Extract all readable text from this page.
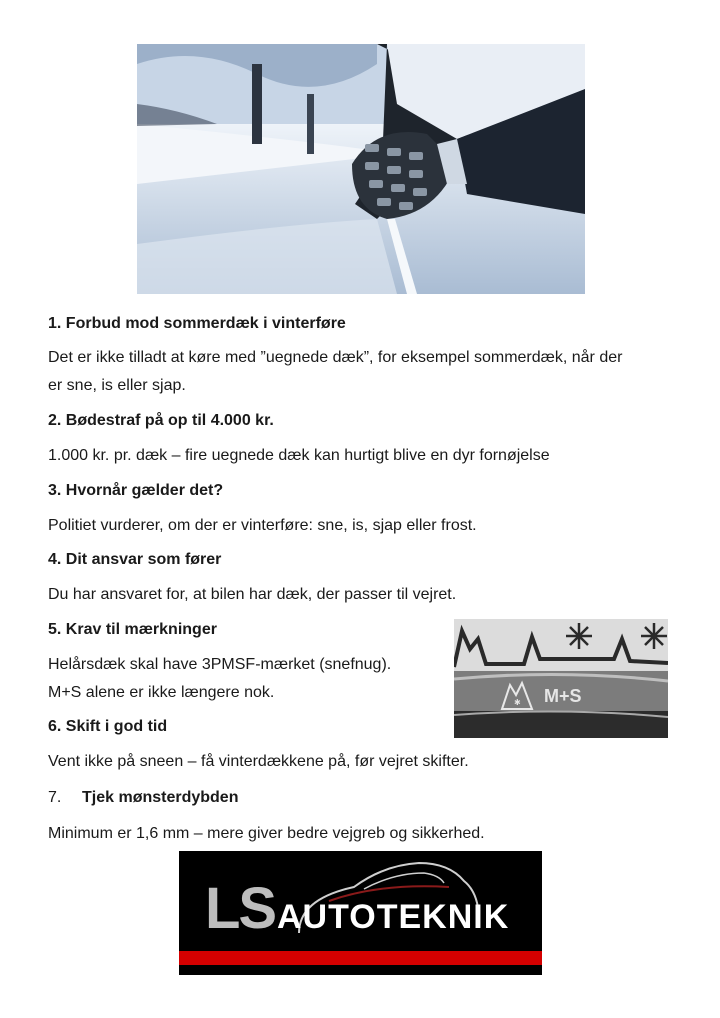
1. Forbud mod sommerdæk i vinterføre
Det er ikke tilladt at køre med ”uegnede dæk”, for eksempel sommerdæk, når der
er sne, is eller sjap.
2. Bødestraf på op til 4.000 kr.
1.000 kr. pr. dæk – fire uegnede dæk kan hurtigt blive en dyr fornøjelse
3. Hvornår gælder det?
Politiet vurderer, om der er vinterføre: sne, is, sjap eller frost.
4. Dit ansvar som fører
Du har ansvaret for, at bilen har dæk, der passer til vejret.
5. Krav til mærkninger
Helårsdæk skal have 3PMSF-mærket (snefnug).
M+S alene er ikke længere nok.
✱ M+S
6. Skift i god tid
Vent ikke på sneen – få vinterdækkene på, før vejret skifter.
7. Tjek mønsterdybden
Minimum er 1,6 mm – mere giver bedre vejgreb og sikkerhed.
LS AUTOTEKNIK
